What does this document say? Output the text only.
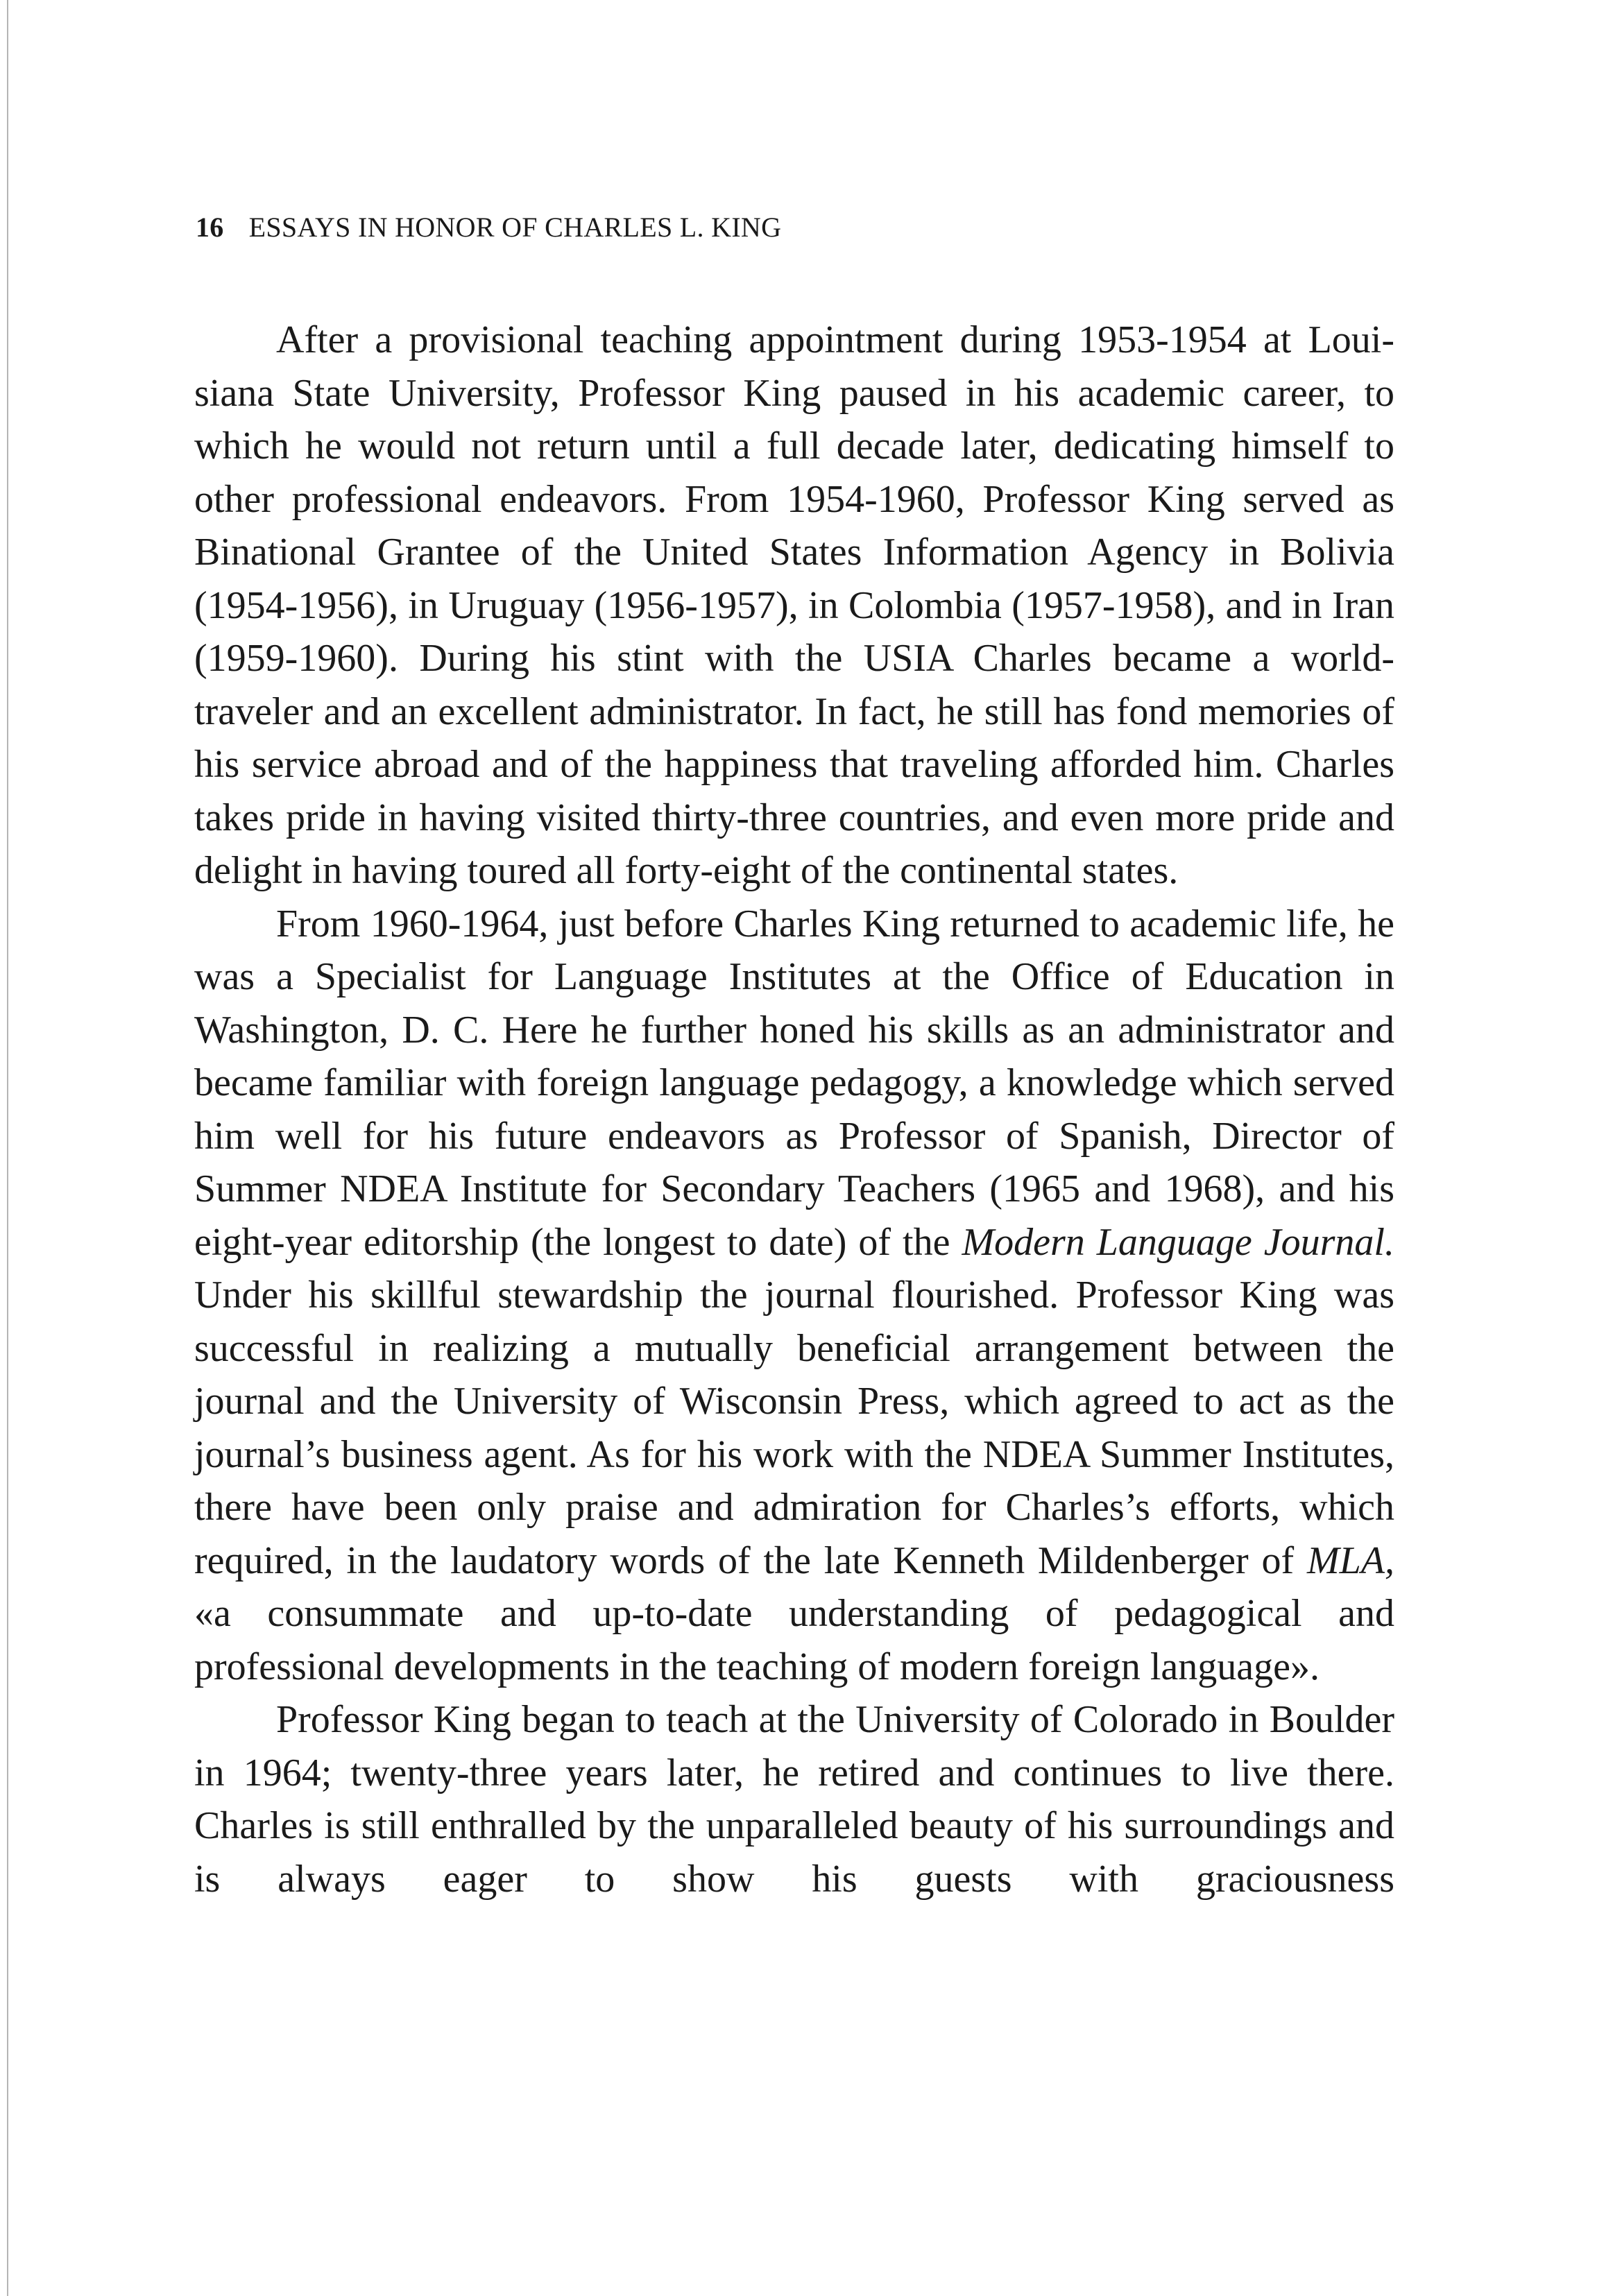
16 ESSAYS IN HONOR OF CHARLES L. KING

After a provisional teaching appointment during 1953-1954 at Louisiana State University, Professor King paused in his academic career, to which he would not return until a full decade later, dedicating himself to other professional endeavors. From 1954-1960, Professor King served as Binational Grantee of the United States Information Agency in Bolivia (1954-1956), in Uruguay (1956-1957), in Colombia (1957-1958), and in Iran (1959-1960). During his stint with the USIA Charles became a world-traveler and an excellent administrator. In fact, he still has fond memories of his service abroad and of the happiness that traveling afforded him. Charles takes pride in having visited thirty-three countries, and even more pride and delight in having toured all forty-eight of the continental states.

From 1960-1964, just before Charles King returned to academic life, he was a Specialist for Language Institutes at the Office of Education in Washington, D. C. Here he further honed his skills as an administrator and became familiar with foreign language pedagogy, a knowledge which served him well for his future endeavors as Professor of Spanish, Director of Summer NDEA Institute for Secondary Teachers (1965 and 1968), and his eight-year editorship (the longest to date) of the Modern Language Journal. Under his skillful stewardship the journal flourished. Professor King was successful in realizing a mutually beneficial arrangement between the journal and the University of Wisconsin Press, which agreed to act as the journal’s business agent. As for his work with the NDEA Summer Institutes, there have been only praise and admiration for Charles’s efforts, which required, in the laudatory words of the late Kenneth Mildenberger of MLA, «a consummate and up-to-date understanding of pedagogical and professional developments in the teaching of modern foreign language».

Professor King began to teach at the University of Colorado in Boulder in 1964; twenty-three years later, he retired and continues to live there. Charles is still enthralled by the unparalleled beauty of his surroundings and is always eager to show his guests with graciousness
